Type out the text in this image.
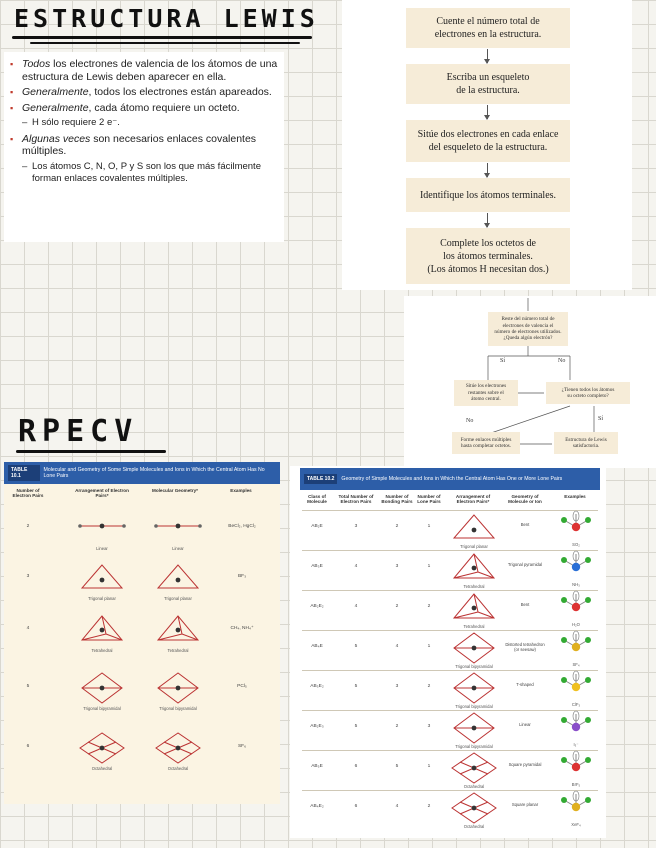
ESTRUCTURA LEWIS
RPECV
▪ Todos los electrones de valencia de los átomos de una estructura de Lewis deben aparecer en ella.
▪ Generalmente, todos los electrones están apareados.
▪ Generalmente, cada átomo requiere un octeto.
– H sólo requiere 2 e⁻.
▪ Algunas veces son necesarios enlaces covalentes múltiples.
– Los átomos C, N, O, P y S son los que más fácilmente forman enlaces covalentes múltiples.
Cuente el número total de
electrones en la estructura.
Escriba un esqueleto
de la estructura.
Sitúe dos electrones en cada enlace
del esqueleto de la estructura.
Identifique los átomos terminales.
Complete los octetos de
los átomos terminales.
(Los átomos H necesitan dos.)
Reste del número total de
electrones de valencia el
número de electrones utilizados.
¿Queda algún electrón?
Sí	No
Sitúe los electrones
restantes sobre el
átomo central.
¿Tienen todos los átomos
su octeto completo?
No	Sí
Forme enlaces múltiples
hasta completar octetos.
Estructura de Lewis
satisfactoria.
TABLE 10.1
Molecular and Geometry of Some Simple Molecules and Ions in Which the Central Atom Has No Lone Pairs
Number of Electron Pairs
Arrangement of Electron Pairs*
Molecular Geometry*	Examples
2
Linear	Linear
BeCl₂, HgCl₂
3
Trigonal planar	Trigonal planar
BF₃
4
Tetrahedral	Tetrahedral
CH₄, NH₄⁺
5
Trigonal bipyramidal	Trigonal bipyramidal
PCl₅
6
Octahedral	Octahedral
SF₆
TABLE 10.2	Geometry of Simple Molecules and Ions in Which the Central Atom Has One or More Lone Pairs
Class of Molecule
Total Number of Electron Pairs
Number of Bonding Pairs
Number of Lone Pairs
Arrangement of Electron Pairs*
Geometry of Molecule or Ion
Examples
AB₂E	3	2	1
Trigonal planar
Bent
SO₂
AB₃E	4	3	1
Tetrahedral
Trigonal pyramidal
NH₃
AB₂E₂	4	2	2
Tetrahedral
Bent
H₂O
AB₄E	5	4	1
Trigonal bipyramidal
Distorted tetrahedron (or seesaw)
SF₄
AB₃E₂	5	3	2
Trigonal bipyramidal
T-shaped
ClF₃
AB₂E₃	5	2	3
Trigonal bipyramidal
Linear
I₃⁻
AB₅E	6	5	1
Octahedral
Square pyramidal
BrF₅
AB₄E₂	6	4	2
Octahedral
Square planar
XeF₄
